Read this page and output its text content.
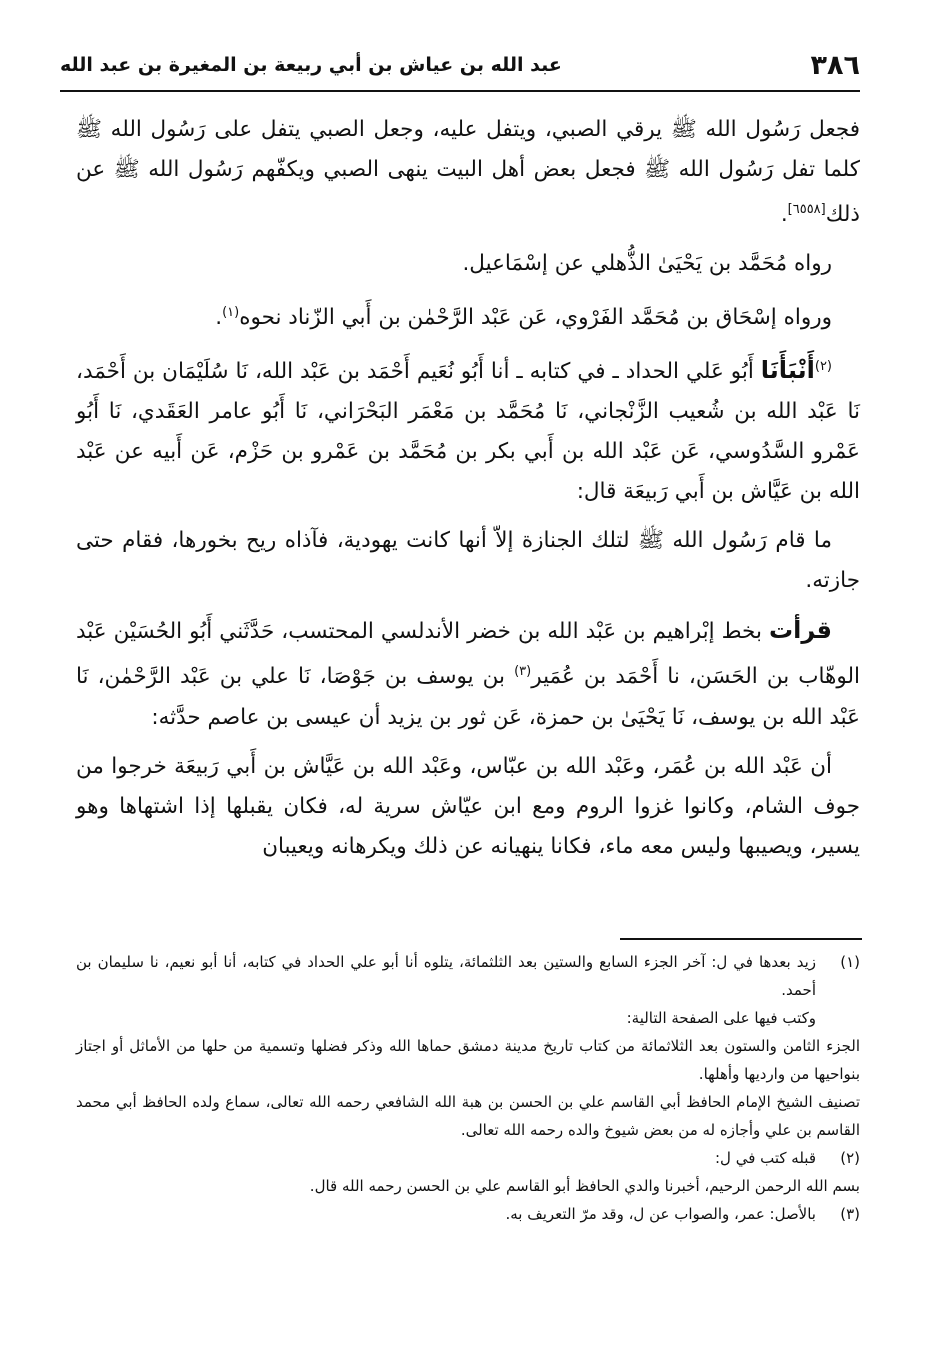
٣٨٦
عبد الله بن عياش بن أبي ربيعة بن المغيرة بن عبد الله

فجعل رَسُول الله ﷺ يرقي الصبي، ويتفل عليه، وجعل الصبي يتفل على رَسُول الله ﷺ كلما تفل رَسُول الله ﷺ فجعل بعض أهل البيت ينهى الصبي ويكفّهم رَسُول الله ﷺ عن ذلك[٦٥٥٨].

رواه مُحَمَّد بن يَحْيَىٰ الذُّهلي عن إسْمَاعيل.

ورواه إسْحَاق بن مُحَمَّد الفَرْوي، عَن عَبْد الرَّحْمٰن بن أَبي الزّناد نحوه$^{(١)}$.

$^{(٢)}$أَنْبَأَنَا أَبُو عَلي الحداد ـ في كتابه ـ أنا أَبُو نُعَيم أَحْمَد بن عَبْد الله، نَا سُلَيْمَان بن أَحْمَد، نَا عَبْد الله بن شُعيب الزَّنْجاني، نَا مُحَمَّد بن مَعْمَر البَحْرَاني، نَا أَبُو عامر العَقَدي، نَا أَبُو عَمْرو السَّدُوسي، عَن عَبْد الله بن أَبي بكر بن مُحَمَّد بن عَمْرو بن حَزْم، عَن أَبيه عن عَبْد الله بن عَيَّاش بن أَبي رَبيعَة قال:

ما قام رَسُول الله ﷺ لتلك الجنازة إلاّ أنها كانت يهودية، فآذاه ريح بخورها، فقام حتى جازته.

قرأت بخط إبْراهيم بن عَبْد الله بن خضر الأندلسي المحتسب، حَدَّثَني أَبُو الحُسَيْن عَبْد الوهّاب بن الحَسَن، نا أَحْمَد بن عُمَير$^{(٣)}$ بن يوسف بن جَوْصَا، نَا علي بن عَبْد الرَّحْمٰن، نَا عَبْد الله بن يوسف، نَا يَحْيَىٰ بن حمزة، عَن ثور بن يزيد أن عيسى بن عاصم حدَّثه:

أن عَبْد الله بن عُمَر، وعَبْد الله بن عبّاس، وعَبْد الله بن عَيَّاش بن أَبي رَبيعَة خرجوا من جوف الشام، وكانوا غزوا الروم ومع ابن عيّاش سرية له، فكان يقبلها إذا اشتهاها وهو يسير، ويصيبها وليس معه ماء، فكانا ينهيانه عن ذلك ويكرهانه ويعيبان

(١)
زيد بعدها في ل: آخر الجزء السابع والستين بعد الثلثمائة، يتلوه أنا أبو علي الحداد في كتابه، أنا أبو نعيم، نا سليمان بن أحمد.
وكتب فيها على الصفحة التالية:
الجزء الثامن والستون بعد الثلاثمائة من كتاب تاريخ مدينة دمشق حماها الله وذكر فضلها وتسمية من حلها من الأماثل أو اجتاز بنواحيها من وارديها وأهلها.
تصنيف الشيخ الإمام الحافظ أبي القاسم علي بن الحسن بن هبة الله الشافعي رحمه الله تعالى، سماع ولده الحافظ أبي محمد القاسم بن علي وأجازه له من بعض شيوخ والده رحمه الله تعالى.
(٢)
قبله كتب في ل:
بسم الله الرحمن الرحيم، أخبرنا والدي الحافظ أبو القاسم علي بن الحسن رحمه الله قال.
(٣)
بالأصل: عمر، والصواب عن ل، وقد مرّ التعريف به.
